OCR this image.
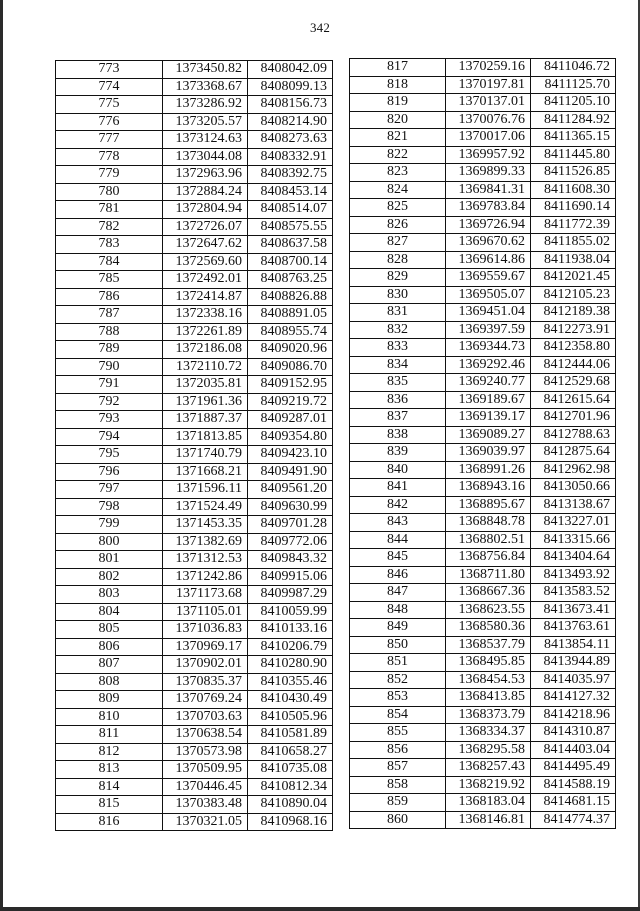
342
773	1373450.82	8408042.09
774	1373368.67	8408099.13
775	1373286.92	8408156.73
776	1373205.57	8408214.90
777	1373124.63	8408273.63
778	1373044.08	8408332.91
779	1372963.96	8408392.75
780	1372884.24	8408453.14
781	1372804.94	8408514.07
782	1372726.07	8408575.55
783	1372647.62	8408637.58
784	1372569.60	8408700.14
785	1372492.01	8408763.25
786	1372414.87	8408826.88
787	1372338.16	8408891.05
788	1372261.89	8408955.74
789	1372186.08	8409020.96
790	1372110.72	8409086.70
791	1372035.81	8409152.95
792	1371961.36	8409219.72
793	1371887.37	8409287.01
794	1371813.85	8409354.80
795	1371740.79	8409423.10
796	1371668.21	8409491.90
797	1371596.11	8409561.20
798	1371524.49	8409630.99
799	1371453.35	8409701.28
800	1371382.69	8409772.06
801	1371312.53	8409843.32
802	1371242.86	8409915.06
803	1371173.68	8409987.29
804	1371105.01	8410059.99
805	1371036.83	8410133.16
806	1370969.17	8410206.79
807	1370902.01	8410280.90
808	1370835.37	8410355.46
809	1370769.24	8410430.49
810	1370703.63	8410505.96
811	1370638.54	8410581.89
812	1370573.98	8410658.27
813	1370509.95	8410735.08
814	1370446.45	8410812.34
815	1370383.48	8410890.04
816	1370321.05	8410968.16
817	1370259.16	8411046.72
818	1370197.81	8411125.70
819	1370137.01	8411205.10
820	1370076.76	8411284.92
821	1370017.06	8411365.15
822	1369957.92	8411445.80
823	1369899.33	8411526.85
824	1369841.31	8411608.30
825	1369783.84	8411690.14
826	1369726.94	8411772.39
827	1369670.62	8411855.02
828	1369614.86	8411938.04
829	1369559.67	8412021.45
830	1369505.07	8412105.23
831	1369451.04	8412189.38
832	1369397.59	8412273.91
833	1369344.73	8412358.80
834	1369292.46	8412444.06
835	1369240.77	8412529.68
836	1369189.67	8412615.64
837	1369139.17	8412701.96
838	1369089.27	8412788.63
839	1369039.97	8412875.64
840	1368991.26	8412962.98
841	1368943.16	8413050.66
842	1368895.67	8413138.67
843	1368848.78	8413227.01
844	1368802.51	8413315.66
845	1368756.84	8413404.64
846	1368711.80	8413493.92
847	1368667.36	8413583.52
848	1368623.55	8413673.41
849	1368580.36	8413763.61
850	1368537.79	8413854.11
851	1368495.85	8413944.89
852	1368454.53	8414035.97
853	1368413.85	8414127.32
854	1368373.79	8414218.96
855	1368334.37	8414310.87
856	1368295.58	8414403.04
857	1368257.43	8414495.49
858	1368219.92	8414588.19
859	1368183.04	8414681.15
860	1368146.81	8414774.37
